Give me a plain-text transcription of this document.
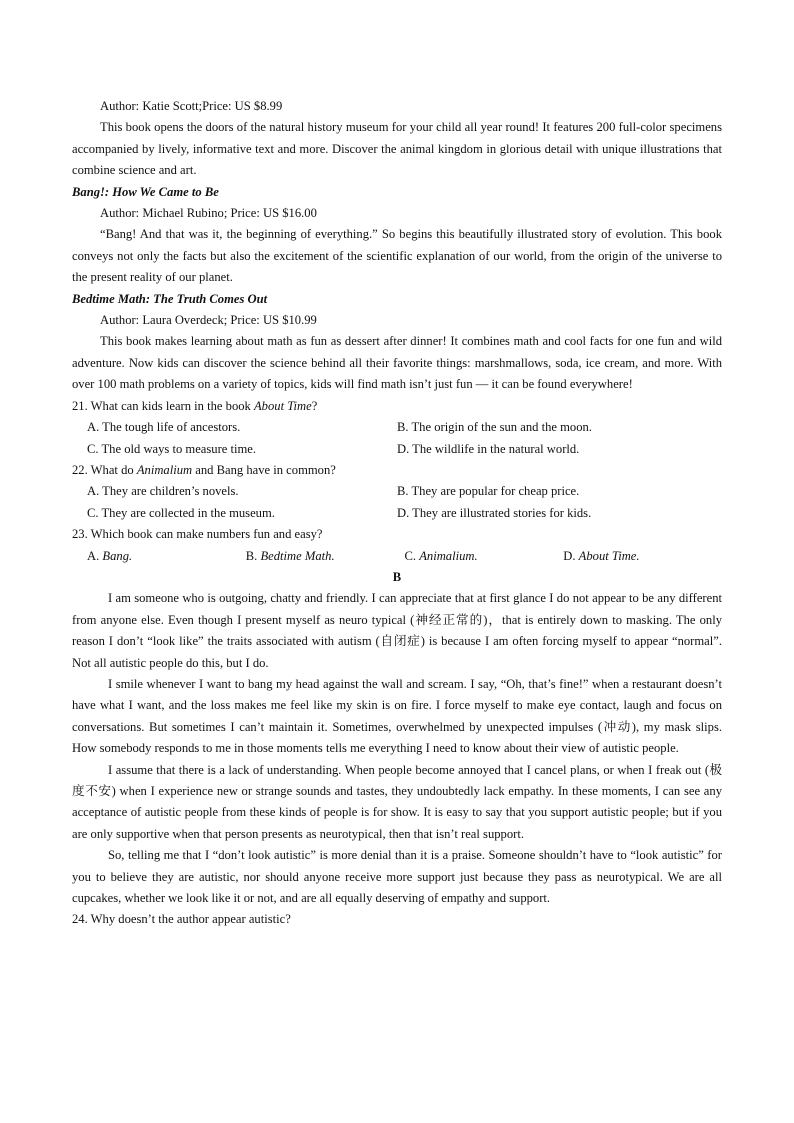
Author: Katie Scott;Price: US $8.99

This book opens the doors of the natural history museum for your child all year round! It features 200 full-color specimens accompanied by lively, informative text and more. Discover the animal kingdom in glorious detail with unique illustrations that combine science and art.

Bang!: How We Came to Be
Author: Michael Rubino; Price: US $16.00

“Bang! And that was it, the beginning of everything.” So begins this beautifully illustrated story of evolution. This book conveys not only the facts but also the excitement of the scientific explanation of our world, from the origin of the universe to the present reality of our planet.

Bedtime Math: The Truth Comes Out
Author: Laura Overdeck; Price: US $10.99

This book makes learning about math as fun as dessert after dinner! It combines math and cool facts for one fun and wild adventure. Now kids can discover the science behind all their favorite things: marshmallows, soda, ice cream, and more. With over 100 math problems on a variety of topics, kids will find math isn’t just fun — it can be found everywhere!

21. What can kids learn in the book About Time?
A. The tough life of ancestors.	B. The origin of the sun and the moon.
C. The old ways to measure time.	D. The wildlife in the natural world.
22. What do Animalium and Bang have in common?
A. They are children’s novels.	B. They are popular for cheap price.
C. They are collected in the museum.	D. They are illustrated stories for kids.
23. Which book can make numbers fun and easy?
A. Bang.	B. Bedtime Math.	C. Animalium.	D. About Time.
B

I am someone who is outgoing, chatty and friendly. I can appreciate that at first glance I do not appear to be any different from anyone else. Even though I present myself as neuro typical (神经正常的)，that is entirely down to masking. The only reason I don’t “look like” the traits associated with autism (自闭症) is because I am often forcing myself to appear “normal”. Not all autistic people do this, but I do.

I smile whenever I want to bang my head against the wall and scream. I say, “Oh, that’s fine!” when a restaurant doesn’t have what I want, and the loss makes me feel like my skin is on fire. I force myself to make eye contact, laugh and focus on conversations. But sometimes I can’t maintain it. Sometimes, overwhelmed by unexpected impulses (冲动), my mask slips. How somebody responds to me in those moments tells me everything I need to know about their view of autistic people.

I assume that there is a lack of understanding. When people become annoyed that I cancel plans, or when I freak out (极度不安) when I experience new or strange sounds and tastes, they undoubtedly lack empathy. In these moments, I can see any acceptance of autistic people from these kinds of people is for show. It is easy to say that you support autistic people; but if you are only supportive when that person presents as neurotypical, then that isn’t real support.

So, telling me that I “don’t look autistic” is more denial than it is a praise. Someone shouldn’t have to “look autistic” for you to believe they are autistic, nor should anyone receive more support just because they pass as neurotypical. We are all cupcakes, whether we look like it or not, and are all equally deserving of empathy and support.

24. Why doesn’t the author appear autistic?
